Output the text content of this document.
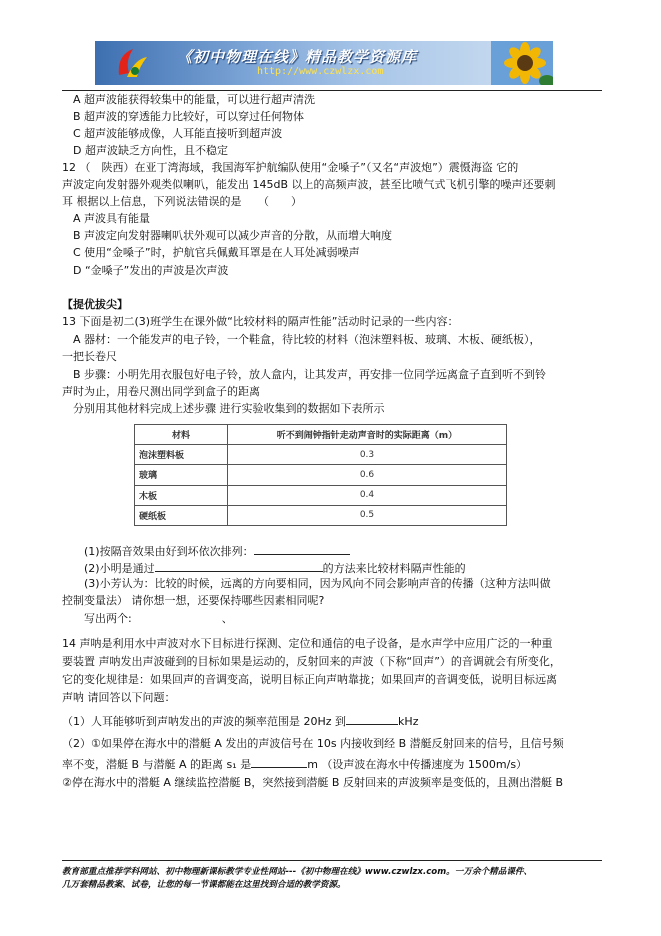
《初中物理在线》精品教学资源库
http://www.czwlzx.com
A 超声波能获得较集中的能量，可以进行超声清洗
B 超声波的穿透能力比较好，可以穿过任何物体
C 超声波能够成像，人耳能直接听到超声波
D 超声波缺乏方向性，且不稳定
12 （　陕西）在亚丁湾海域，我国海军护航编队使用“金嗓子”（又名“声波炮”）震慑海盗 它的
声波定向发射器外观类似喇叭，能发出 145dB 以上的高频声波，甚至比喷气式飞机引擎的噪声还要刺
耳 根据以上信息，下列说法错误的是　　（　　）
A 声波具有能量
B 声波定向发射器喇叭状外观可以减少声音的分散，从而增大响度
C 使用“金嗓子”时，护航官兵佩戴耳罩是在人耳处减弱噪声
D “金嗓子”发出的声波是次声波
【提优拔尖】
13 下面是初二(3)班学生在课外做“比较材料的隔声性能”活动时记录的一些内容：
A 器材：一个能发声的电子铃，一个鞋盒，待比较的材料（泡沫塑料板、玻璃、木板、硬纸板），
一把长卷尺
B 步骤：小明先用衣服包好电子铃，放人盒内，让其发声，再安排一位同学远离盒子直到听不到铃
声时为止，用卷尺测出同学到盒子的距离
分别用其他材料完成上述步骤 进行实验收集到的数据如下表所示
材料	听不到闹钟指针走动声音时的实际距离（m）
泡沫塑料板	0.3
玻璃	0.6
木板	0.4
硬纸板	0.5
(1)按隔音效果由好到坏依次排列：
(2)小明是通过	的方法来比较材料隔声性能的
(3)小芳认为：比较的时候，远离的方向要相同，因为风向不同会影响声音的传播（这种方法叫做
控制变量法） 请你想一想，还要保持哪些因素相同呢?
写出两个:	、
14 声呐是利用水中声波对水下目标进行探测、定位和通信的电子设备，是水声学中应用广泛的一种重
要装置 声呐发出声波碰到的目标如果是运动的，反射回来的声波（下称“回声”）的音调就会有所变化，
它的变化规律是：如果回声的音调变高，说明目标正向声呐靠拢；如果回声的音调变低，说明目标远离
声呐 请回答以下问题：
（1）人耳能够听到声呐发出的声波的频率范围是 20Hz 到	kHz
（2）①如果停在海水中的潜艇 A 发出的声波信号在 10s 内接收到经 B 潜艇反射回来的信号，且信号频
率不变，潜艇 B 与潜艇 A 的距离 s₁ 是	m （设声波在海水中传播速度为 1500m/s）
②停在海水中的潜艇 A 继续监控潜艇 B，突然接到潜艇 B 反射回来的声波频率是变低的，且测出潜艇 B
教育部重点推荐学科网站、初中物理新课标教学专业性网站---《初中物理在线》www.czwlzx.com。一万余个精品课件、
几万套精品教案、试卷，让您的每一节课都能在这里找到合适的教学资源。
